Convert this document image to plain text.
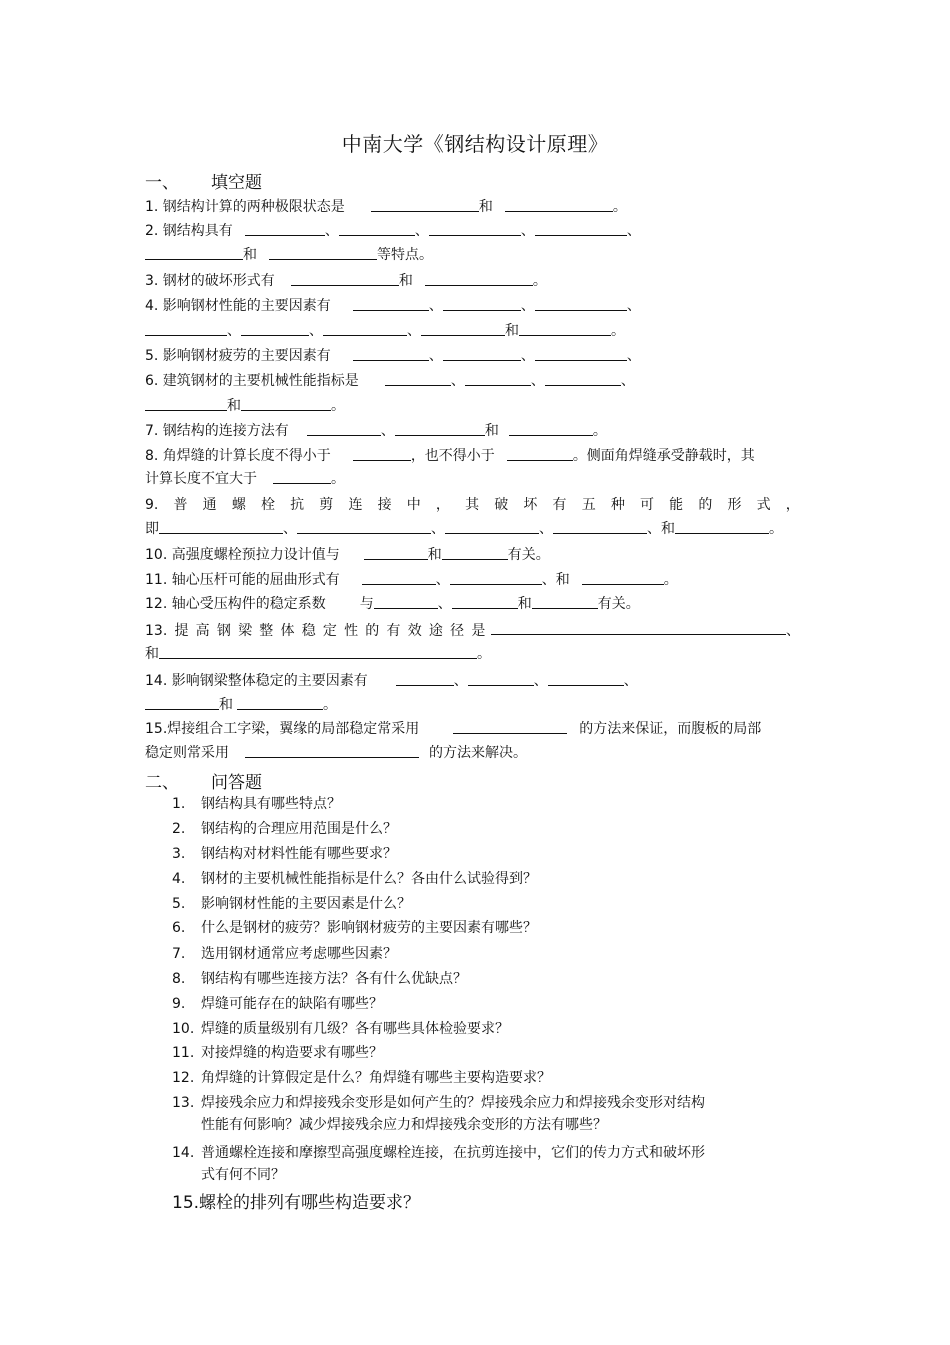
中南大学《钢结构设计原理》
一、 填空题
1. 钢结构计算的两种极限状态是	和	。
2. 钢结构具有	、	、	、	、
和	等特点。
3. 钢材的破坏形式有	和	。
4. 影响钢材性能的主要因素有	、	、	、
、	、	、	和	。
5. 影响钢材疲劳的主要因素有	、	、	、
6. 建筑钢材的主要机械性能指标是	、	、	、
和	。
7. 钢结构的连接方法有	、	和	。
8. 角焊缝的计算长度不得小于	，也不得小于	。侧面角焊缝承受静载时，其
计算长度不宜大于	。
9. 普 通 螺 栓 抗 剪 连 接 中 ， 其 破 坏 有 五 种 可 能 的 形 式 ，
即	、	、	、	、和	。
10. 高强度螺栓预拉力设计值与	和	有关。
11. 轴心压杆可能的屈曲形式有	、	、和	。
12. 轴心受压构件的稳定系数 与	、	和	有关。
13. 提 高 钢 梁 整 体 稳 定 性 的 有 效 途 径 是	、
和	。
14. 影响钢梁整体稳定的主要因素有	、	、	、
和	。
15.焊接组合工字梁，翼缘的局部稳定常采用	的方法来保证，而腹板的局部
稳定则常采用	的方法来解决。
二、 问答题
1. 钢结构具有哪些特点？
2. 钢结构的合理应用范围是什么？
3. 钢结构对材料性能有哪些要求？
4. 钢材的主要机械性能指标是什么？各由什么试验得到？
5. 影响钢材性能的主要因素是什么？
6. 什么是钢材的疲劳？影响钢材疲劳的主要因素有哪些？
7. 选用钢材通常应考虑哪些因素？
8. 钢结构有哪些连接方法？各有什么优缺点？
9. 焊缝可能存在的缺陷有哪些？
10. 焊缝的质量级别有几级？各有哪些具体检验要求？
11. 对接焊缝的构造要求有哪些？
12. 角焊缝的计算假定是什么？角焊缝有哪些主要构造要求？
13. 焊接残余应力和焊接残余变形是如何产生的？焊接残余应力和焊接残余变形对结构
性能有何影响？减少焊接残余应力和焊接残余变形的方法有哪些？
14. 普通螺栓连接和摩擦型高强度螺栓连接，在抗剪连接中，它们的传力方式和破坏形
式有何不同？
15.螺栓的排列有哪些构造要求？
